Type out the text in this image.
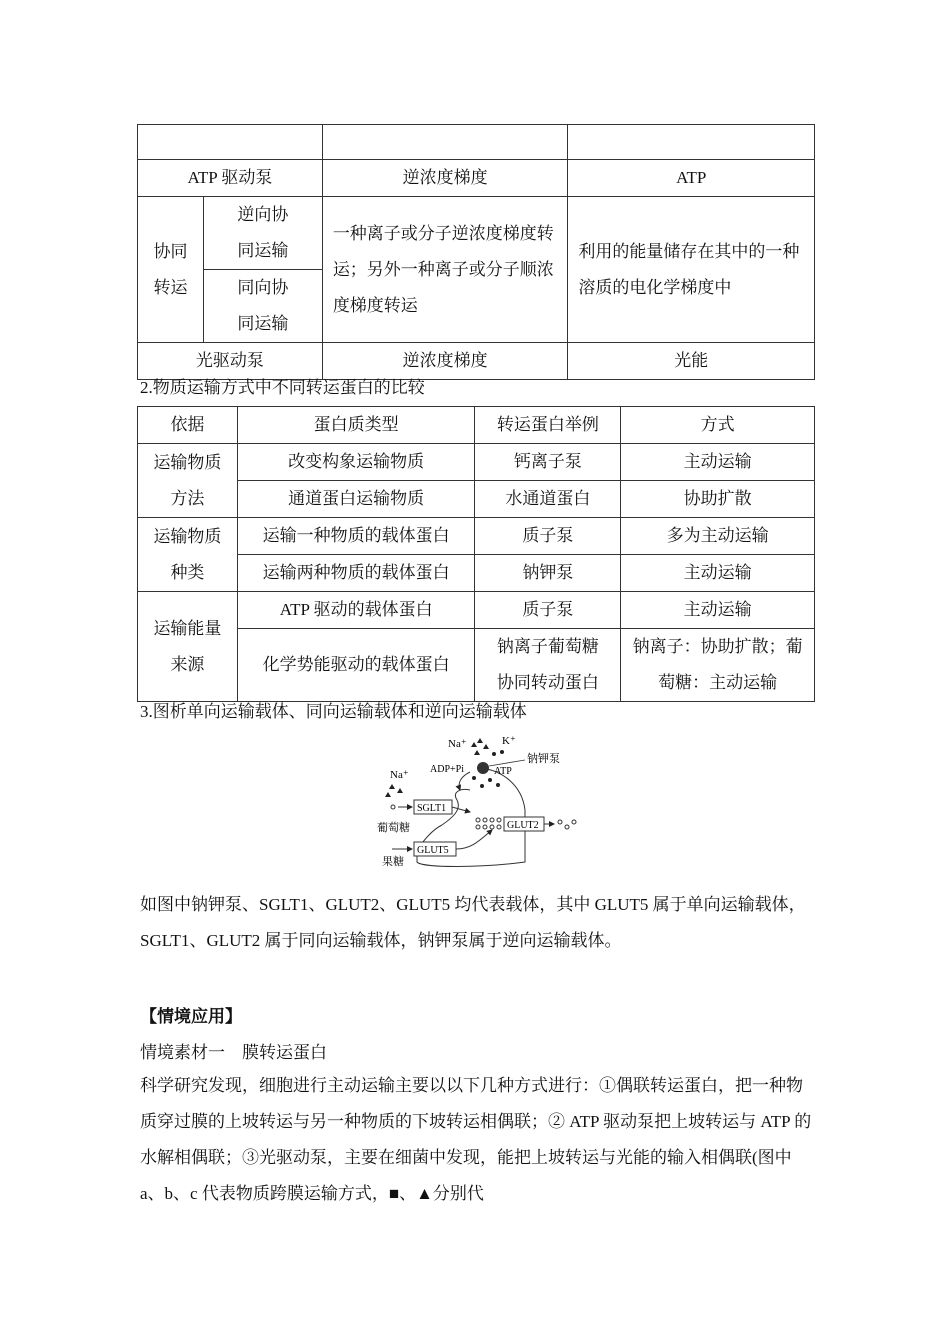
ATP 驱动泵		逆浓度梯度	ATP
协同转运	逆向协同运输	一种离子或分子逆浓度梯度转运；另外一种离子或分子顺浓度梯度转运	利用的能量储存在其中的一种溶质的电化学梯度中
	同向协同运输		
光驱动泵		逆浓度梯度	光能
2.物质运输方式中不同转运蛋白的比较
依据	蛋白质类型	转运蛋白举例	方式
运输物质方法	改变构象运输物质	钙离子泵	主动运输
	通道蛋白运输物质	水通道蛋白	协助扩散
运输物质种类	运输一种物质的载体蛋白	质子泵	多为主动运输
	运输两种物质的载体蛋白	钠钾泵	主动运输
运输能量来源	ATP 驱动的载体蛋白	质子泵	主动运输
	化学势能驱动的载体蛋白	钠离子葡萄糖协同转动蛋白	钠离子：协助扩散；葡萄糖：主动运输
3.图析单向运输载体、同向运输载体和逆向运输载体
Na⁺	K⁺
钠钾泵
ADP+Pi	ATP
Na⁺
SGLT1
葡萄糖	GLUT2
GLUT5
果糖

如图中钠钾泵、SGLT1、GLUT2、GLUT5 均代表载体，其中 GLUT5 属于单向运输载体，SGLT1、GLUT2 属于同向运输载体，钠钾泵属于逆向运输载体。

【情境应用】
情境素材一　膜转运蛋白

科学研究发现，细胞进行主动运输主要以以下几种方式进行：①偶联转运蛋白，把一种物质穿过膜的上坡转运与另一种物质的下坡转运相偶联；② ATP 驱动泵把上坡转运与 ATP 的水解相偶联；③光驱动泵，主要在细菌中发现，能把上坡转运与光能的输入相偶联(图中 a、b、c 代表物质跨膜运输方式，■、▲分别代
